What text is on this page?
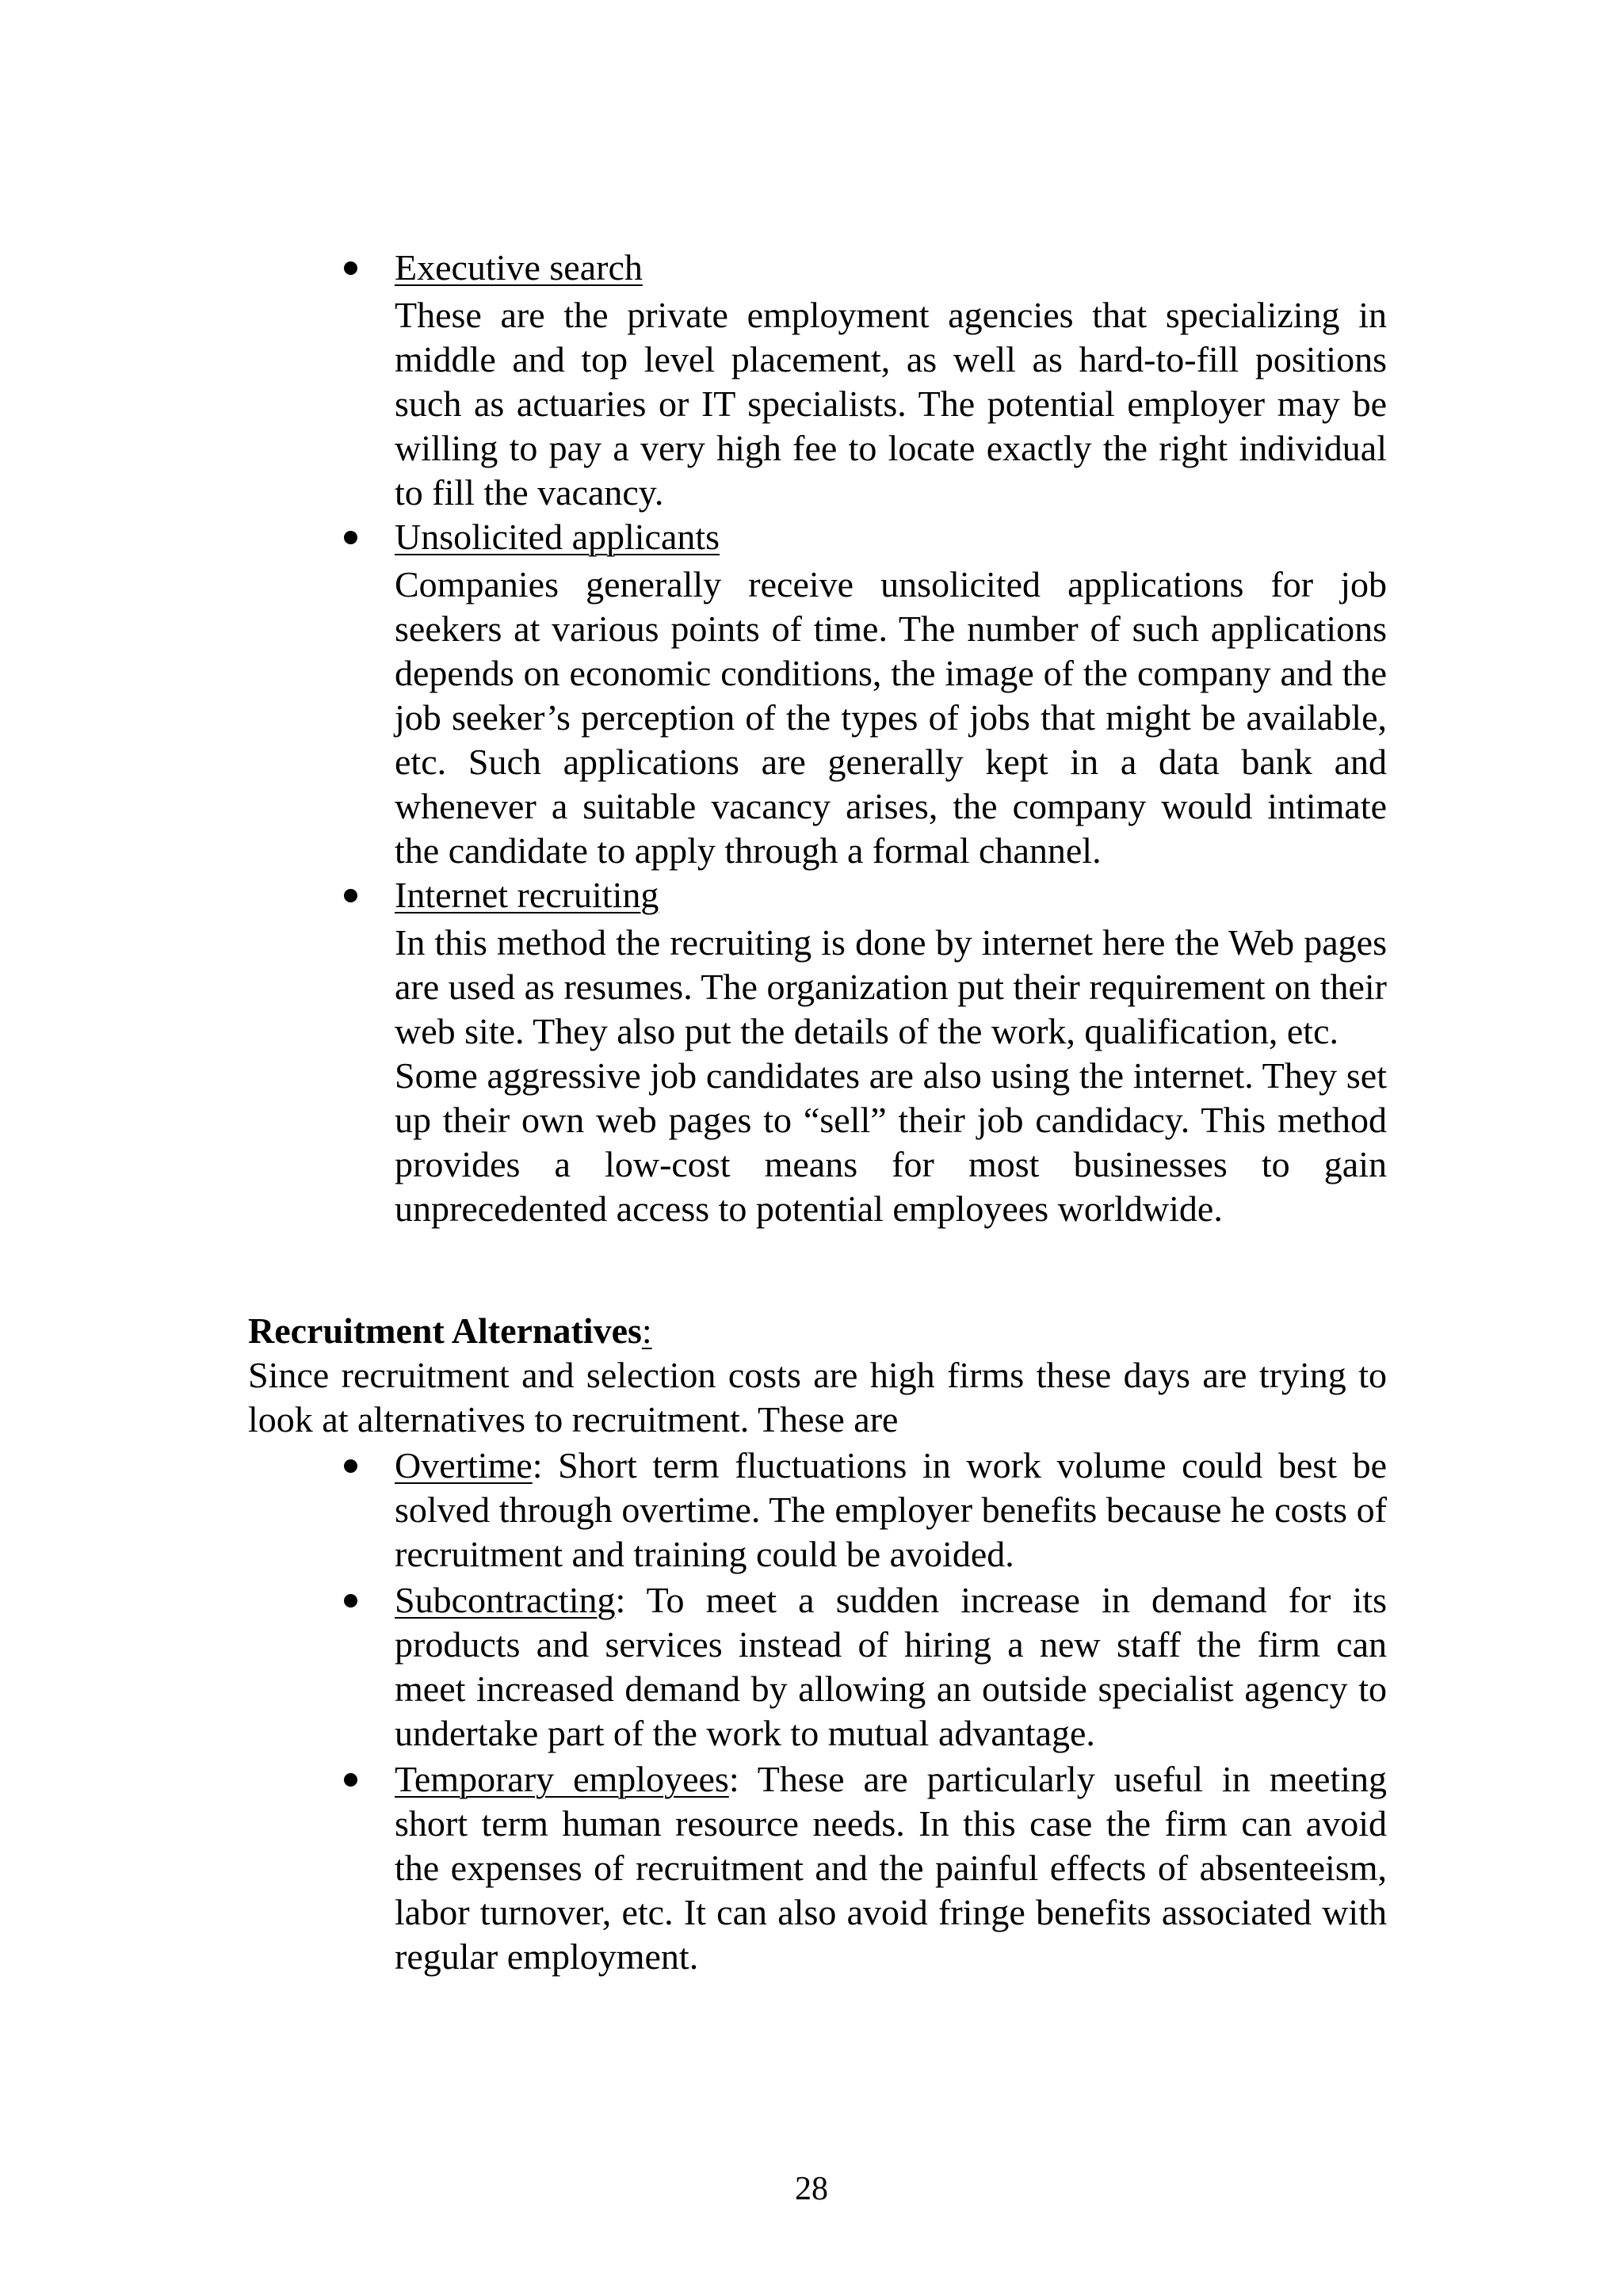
Executive search

These are the private employment agencies that specializing in middle and top level placement, as well as hard-to-fill positions such as actuaries or IT specialists. The potential employer may be willing to pay a very high fee to locate exactly the right individual to fill the vacancy.

Unsolicited applicants

Companies generally receive unsolicited applications for job seekers at various points of time. The number of such applications depends on economic conditions, the image of the company and the job seeker’s perception of the types of jobs that might be available, etc. Such applications are generally kept in a data bank and whenever a suitable vacancy arises, the company would intimate the candidate to apply through a formal channel.

Internet recruiting

In this method the recruiting is done by internet here the Web pages are used as resumes. The organization put their requirement on their web site. They also put the details of the work, qualification, etc.

Some aggressive job candidates are also using the internet. They set up their own web pages to “sell” their job candidacy. This method provides a low-cost means for most businesses to gain unprecedented access to potential employees worldwide.

Recruitment Alternatives:

Since recruitment and selection costs are high firms these days are trying to look at alternatives to recruitment. These are

Overtime: Short term fluctuations in work volume could best be solved through overtime. The employer benefits because he costs of recruitment and training could be avoided.

Subcontracting: To meet a sudden increase in demand for its products and services instead of hiring a new staff the firm can meet increased demand by allowing an outside specialist agency to undertake part of the work to mutual advantage.

Temporary employees: These are particularly useful in meeting short term human resource needs. In this case the firm can avoid the expenses of recruitment and the painful effects of absenteeism, labor turnover, etc. It can also avoid fringe benefits associated with regular employment.

28
